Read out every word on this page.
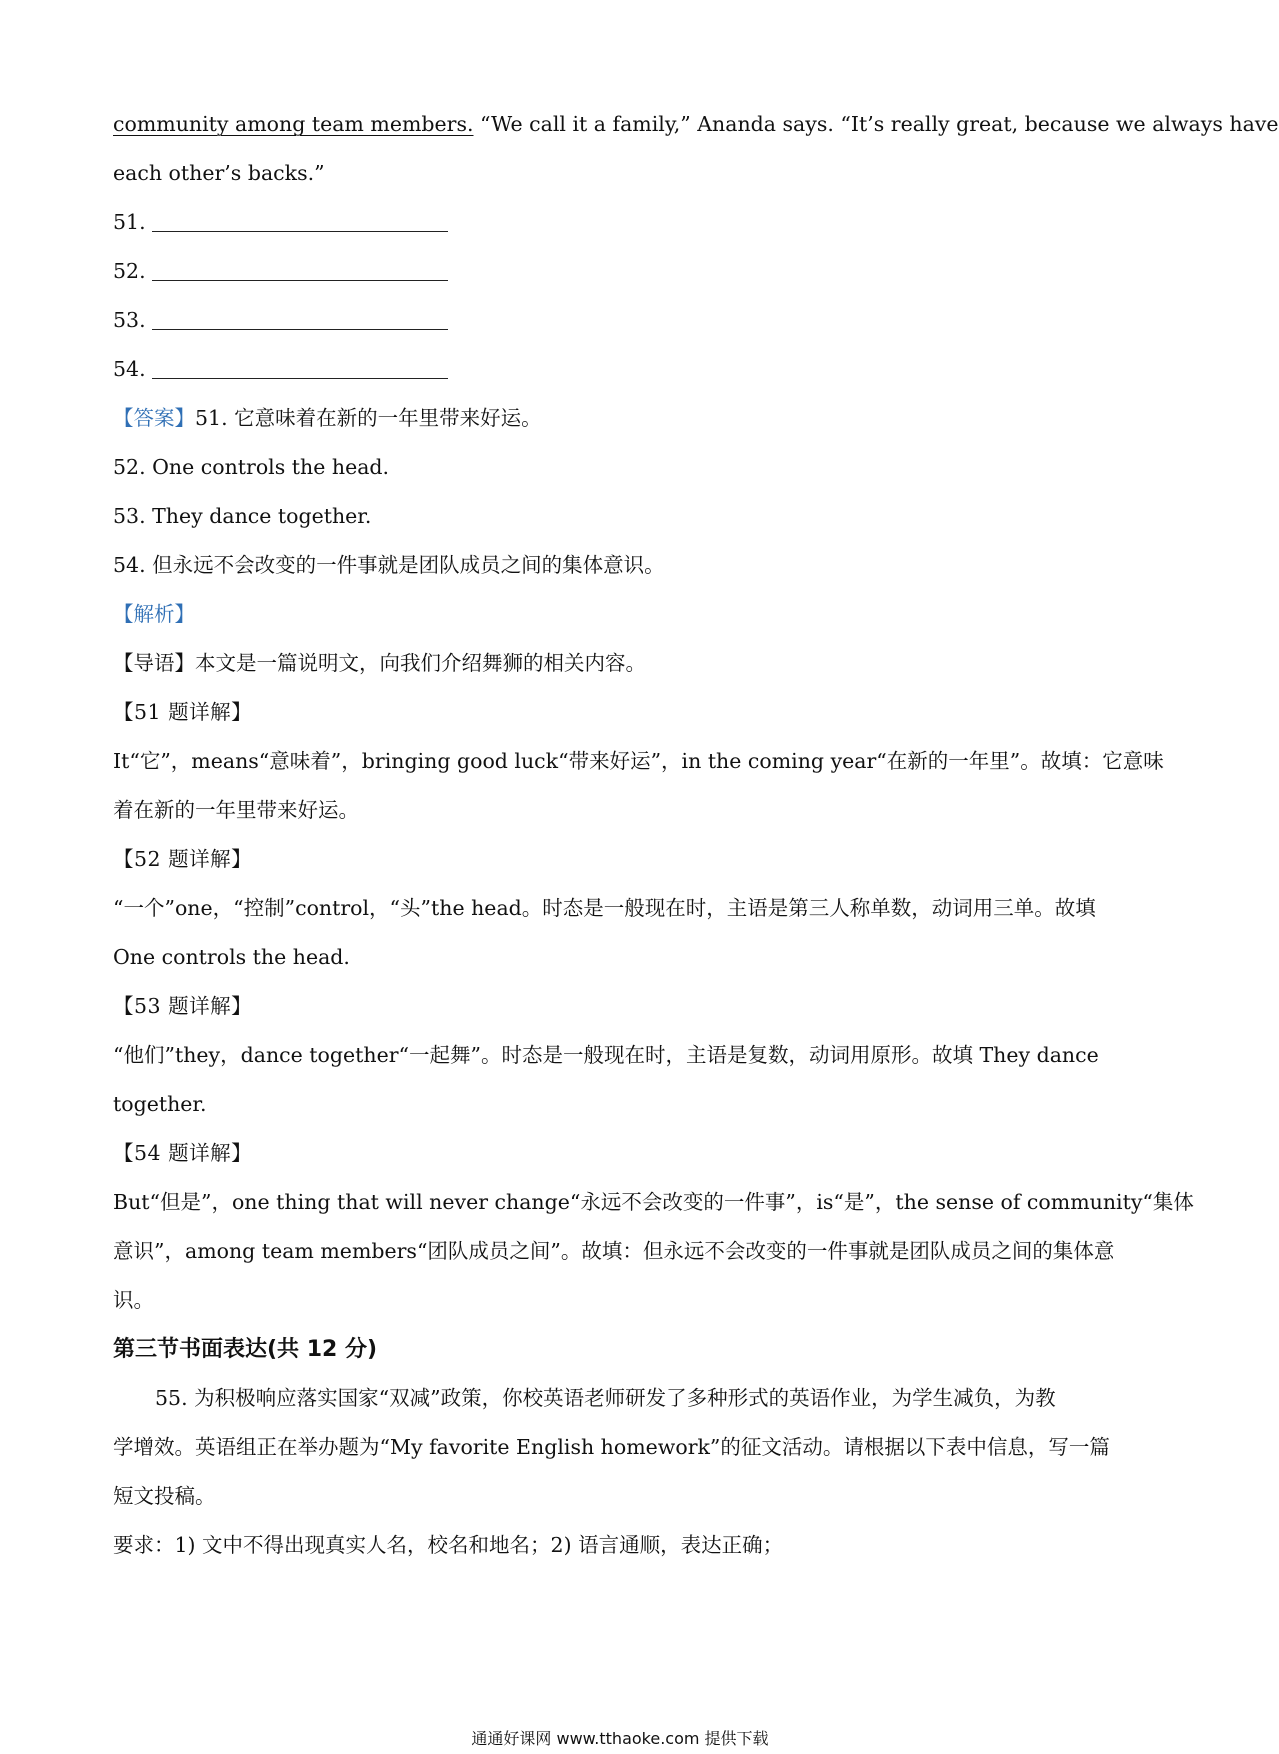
community among team members. “We call it a family,” Ananda says. “It’s really great, because we always have
each other’s backs.”
51.
52.
53.
54.
【答案】51. 它意味着在新的一年里带来好运。
52. One controls the head.
53. They dance together.
54. 但永远不会改变的一件事就是团队成员之间的集体意识。
【解析】
【导语】本文是一篇说明文，向我们介绍舞狮的相关内容。
【51 题详解】
It“它”，means“意味着”，bringing good luck“带来好运”，in the coming year“在新的一年里”。故填：它意味
着在新的一年里带来好运。
【52 题详解】
“一个”one，“控制”control，“头”the head。时态是一般现在时，主语是第三人称单数，动词用三单。故填
One controls the head.
【53 题详解】
“他们”they，dance together“一起舞”。时态是一般现在时，主语是复数，动词用原形。故填 They dance
together.
【54 题详解】
But“但是”，one thing that will never change“永远不会改变的一件事”，is“是”，the sense of community“集体
意识”，among team members“团队成员之间”。故填：但永远不会改变的一件事就是团队成员之间的集体意
识。
第三节书面表达(共 12 分)
55. 为积极响应落实国家“双减”政策，你校英语老师研发了多种形式的英语作业，为学生减负，为教
学增效。英语组正在举办题为“My favorite English homework”的征文活动。请根据以下表中信息，写一篇
短文投稿。
要求：1) 文中不得出现真实人名，校名和地名；2) 语言通顺，表达正确；
通通好课网 www.tthaoke.com 提供下载
